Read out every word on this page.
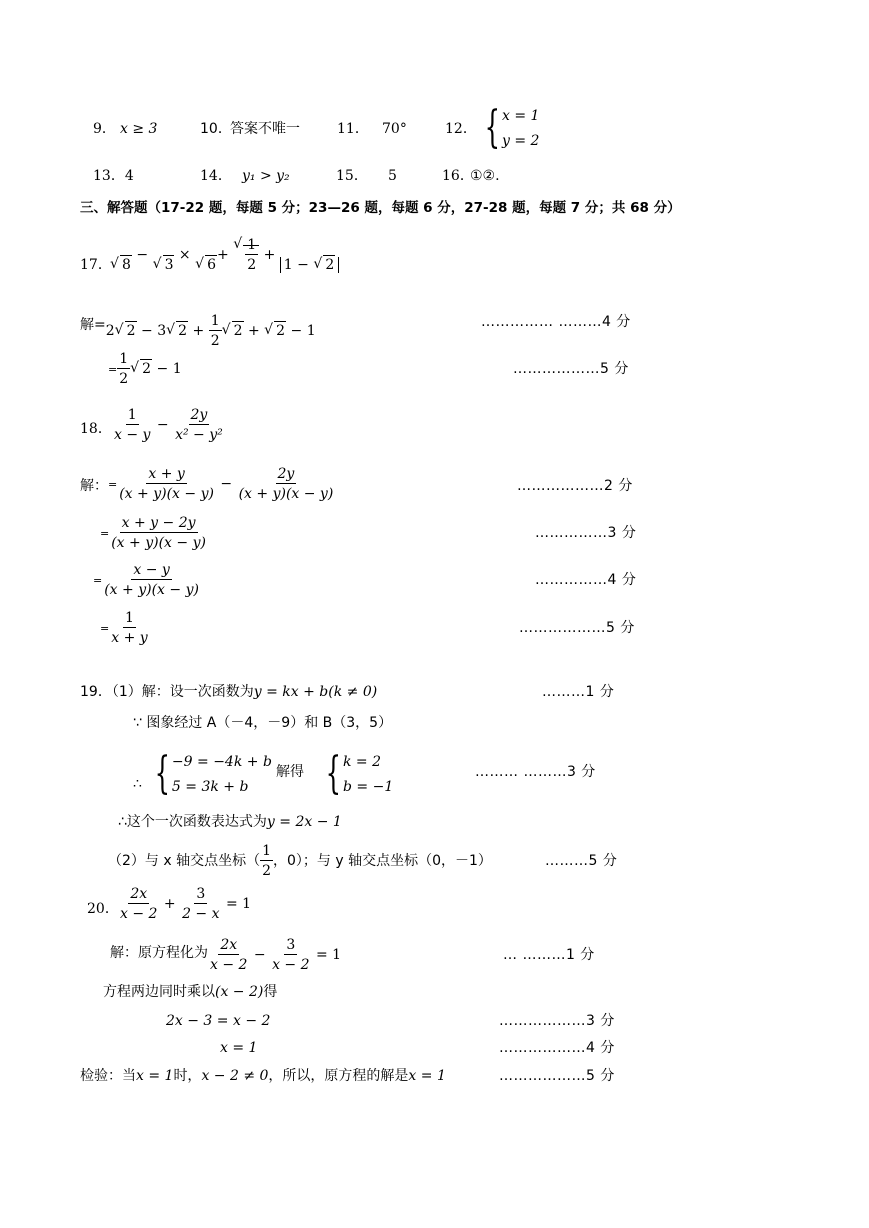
9． x ≥ 3	10．
答案不唯一	11． 70°	12． { x = 1
y = 2
13．4	14． y₁ > y₂	15． 5	16．
①②.
三、解答题（17-22 题，每题 5 分；23—26 题，每题 6 分，27-28 题，每题 7 分；共 68 分）
17． √ 8 − √ 3 × √ 6+ √ $\frac{1}{2} + 1$ − √ 2
解=2 √ 2 − 3 √ $2 + \frac{1}{2}$ √ 2 + √ 2 − 1
…………… ………4 分
= $\frac{1}{2}$ √ 2 − 1	………………5 分
18． $\frac{1}{x - y} - \frac{2y}{\text{x² − y²}}$
解： = $\frac{x + y}{(x + y)(x - y)} - \frac{2y}{(x + y)(x - y)}$	………………2 分
= $\frac{x + y - 2y}{(x + y)(x - y)}$	……………3 分
= $\frac{x - y}{(x + y)(x - y)}$	……………4 分
= $\frac{1}{x + y}$	………………5 分
19．（1）解：设一次函数为y = kx + b(k ≠ 0)	………1 分
∵ 图象经过 A（－4，－9）和 B（3，5）
∴ { −9 = −4k + b
5 = 3k + b
解得 { k = 2
b = −1
……… ………3 分
∴这个一次函数表达式为y = 2x − 1
（2）与 x 轴交点坐标（ $\frac{1}{2}$ ，0）；与 y 轴交点坐标（0，－1）	………5 分
20． $\frac{2x}{x - 2} + \frac{3}{2 - x} = 1$
解：原方程化为 $\frac{2x}{x - 2} - \frac{3}{x - 2} = 1$	… ………1 分
方程两边同时乘以(x − 2)得
2x − 3 = x − 2	………………3 分
x = 1	………………4 分
检验：当x = 1时，x − 2 ≠ 0，所以，原方程的解是x = 1	………………5 分
